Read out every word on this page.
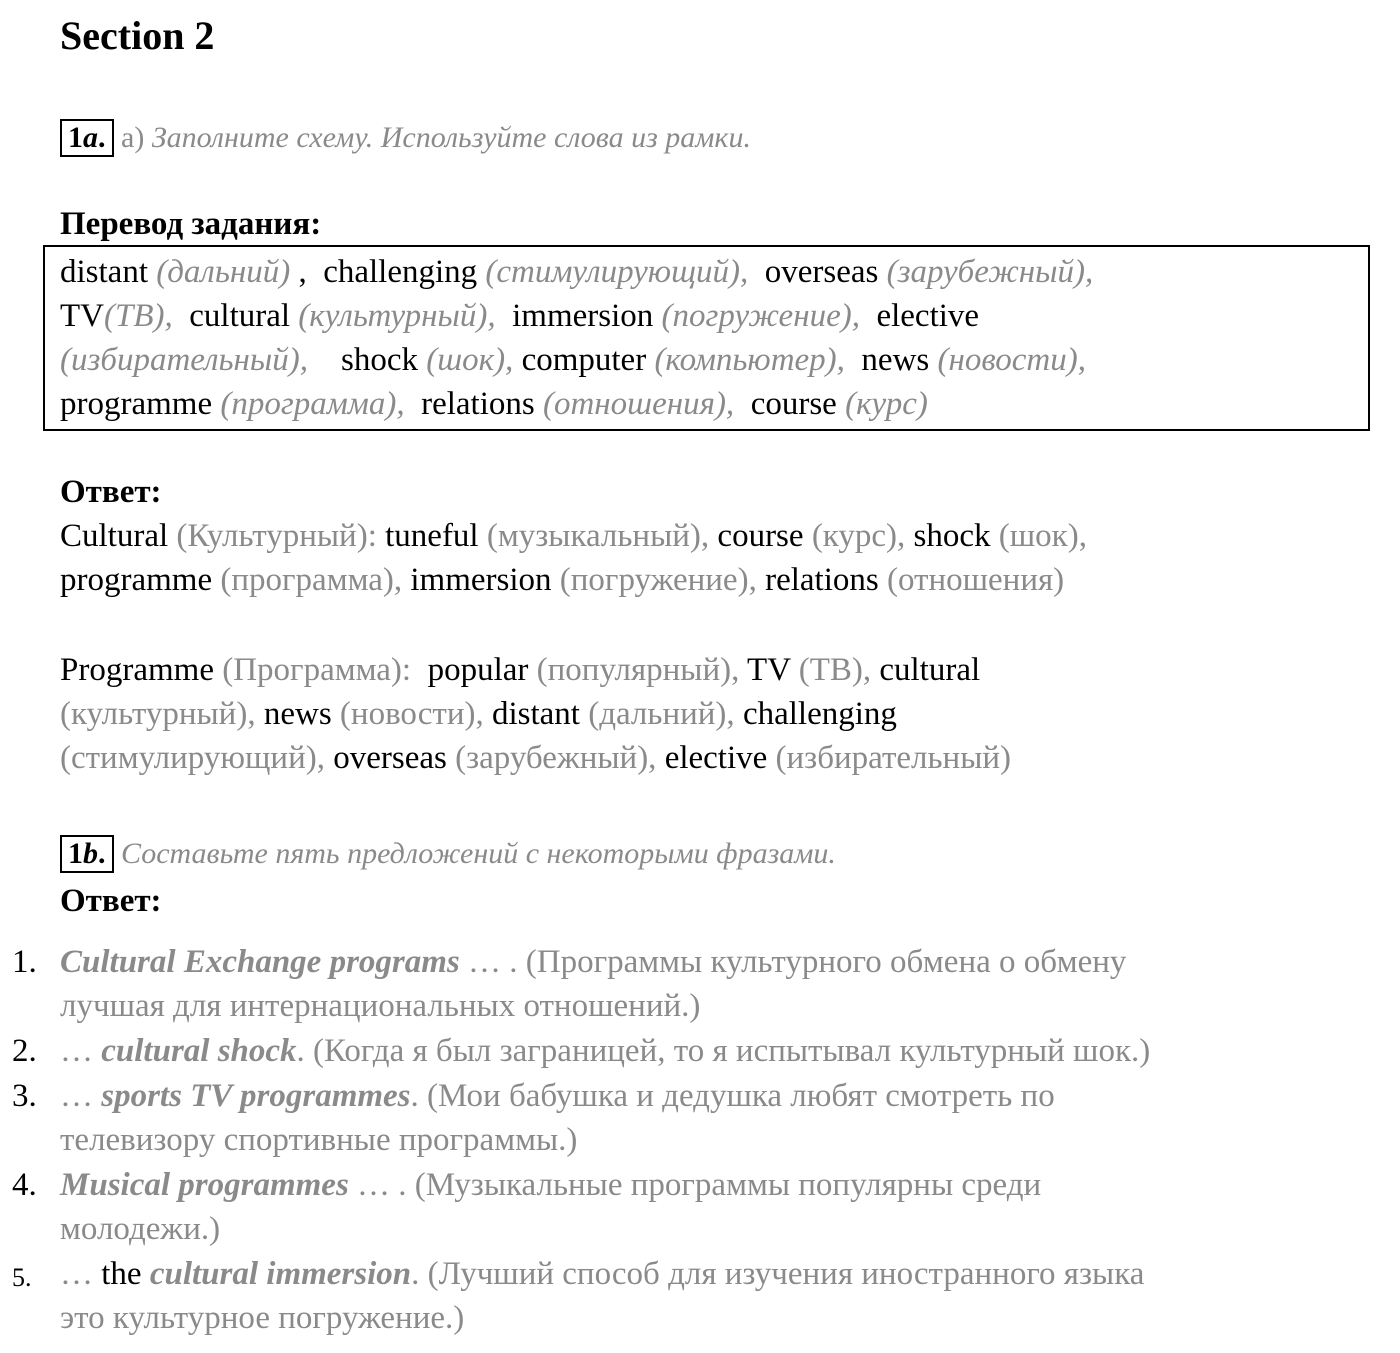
Section 2
1a. a) Заполните схему. Используйте слова из рамки.
Перевод задания:
distant (дальний) , challenging (стимулирующий), overseas (зарубежный),
TV(ТВ), cultural (культурный), immersion (погружение), elective
(избирательный), shock (шок), computer (компьютер), news (новости),
programme (программа), relations (отношения), course (курс)
Ответ:
Cultural (Культурный): tuneful (музыкальный), course (курс), shock (шок),
programme (программа), immersion (погружение), relations (отношения)
Programme (Программа): popular (популярный), TV (ТВ), cultural
(культурный), news (новости), distant (дальний), challenging
(стимулирующий), overseas (зарубежный), elective (избирательный)
1b. Составьте пять предложений с некоторыми фразами.
Ответ:
1. Cultural Exchange programs … . (Программы культурного обмена о обмену
лучшая для интернациональных отношений.)
2. … cultural shock. (Когда я был заграницей, то я испытывал культурный шок.)
3. … sports TV programmes. (Мои бабушка и дедушка любят смотреть по
телевизору спортивные программы.)
4. Musical programmes … . (Музыкальные программы популярны среди
молодежи.)
5. … the cultural immersion. (Лучший способ для изучения иностранного языка
это культурное погружение.)
